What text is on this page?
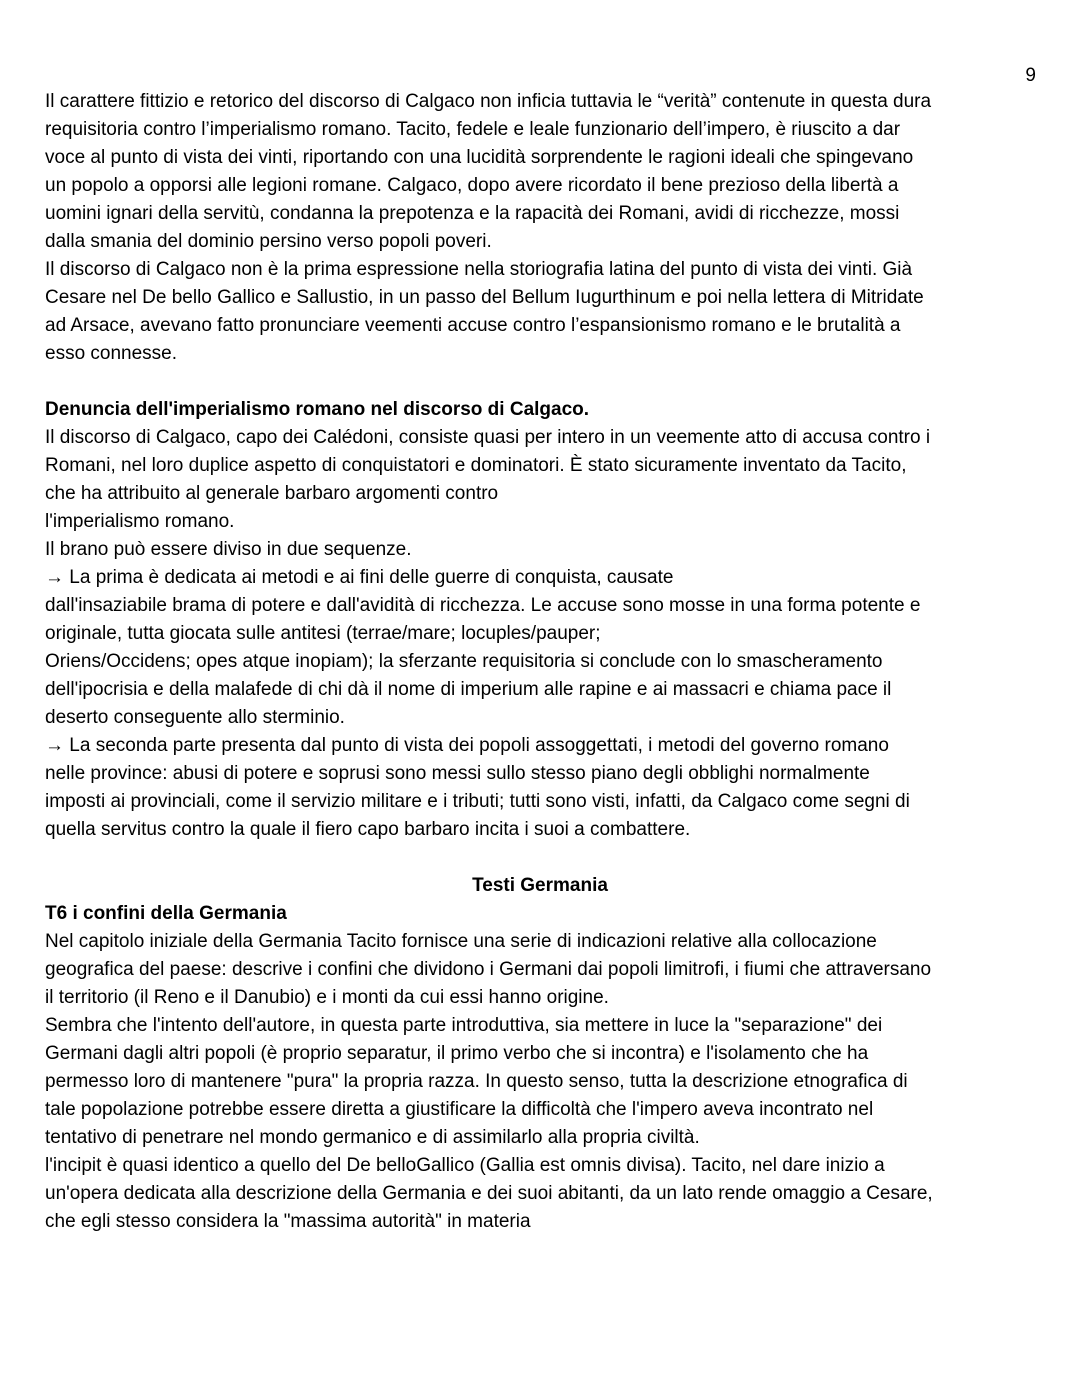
9
Il carattere fittizio e retorico del discorso di Calgaco non inficia tuttavia le “verità” contenute in questa dura
requisitoria contro l’imperialismo romano. Tacito, fedele e leale funzionario dell’impero, è riuscito a dar
voce al punto di vista dei vinti, riportando con una lucidità sorprendente le ragioni ideali che spingevano
un popolo a opporsi alle legioni romane. Calgaco, dopo avere ricordato il bene prezioso della libertà a
uomini ignari della servitù, condanna la prepotenza e la rapacità dei Romani, avidi di ricchezze, mossi
dalla smania del dominio persino verso popoli poveri.
Il discorso di Calgaco non è la prima espressione nella storiografia latina del punto di vista dei vinti. Già
Cesare nel De bello Gallico e Sallustio, in un passo del Bellum Iugurthinum e poi nella lettera di Mitridate
ad Arsace, avevano fatto pronunciare veementi accuse contro l’espansionismo romano e le brutalità a
esso connesse.
Denuncia dell'imperialismo romano nel discorso di Calgaco.
Il discorso di Calgaco, capo dei Calédoni, consiste quasi per intero in un veemente atto di accusa contro i
Romani, nel loro duplice aspetto di conquistatori e dominatori. È stato sicuramente inventato da Tacito,
che ha attribuito al generale barbaro argomenti contro
l'imperialismo romano.
Il brano può essere diviso in due sequenze.
→ La prima è dedicata ai metodi e ai fini delle guerre di conquista, causate
dall'insaziabile brama di potere e dall'avidità di ricchezza. Le accuse sono mosse in una forma potente e
originale, tutta giocata sulle antitesi (terrae/mare; locuples/pauper;
Oriens/Occidens; opes atque inopiam); la sferzante requisitoria si conclude con lo smascheramento
dell'ipocrisia e della malafede di chi dà il nome di imperium alle rapine e ai massacri e chiama pace il
deserto conseguente allo sterminio.
→ La seconda parte presenta dal punto di vista dei popoli assoggettati, i metodi del governo romano
nelle province: abusi di potere e soprusi sono messi sullo stesso piano degli obblighi normalmente
imposti ai provinciali, come il servizio militare e i tributi; tutti sono visti, infatti, da Calgaco come segni di
quella servitus contro la quale il fiero capo barbaro incita i suoi a combattere.
Testi Germania
T6 i confini della Germania
Nel capitolo iniziale della Germania Tacito fornisce una serie di indicazioni relative alla collocazione
geografica del paese: descrive i confini che dividono i Germani dai popoli limitrofi, i fiumi che attraversano
il territorio (il Reno e il Danubio) e i monti da cui essi hanno origine.
Sembra che l'intento dell'autore, in questa parte introduttiva, sia mettere in luce la "separazione" dei
Germani dagli altri popoli (è proprio separatur, il primo verbo che si incontra) e l'isolamento che ha
permesso loro di mantenere "pura" la propria razza. In questo senso, tutta la descrizione etnografica di
tale popolazione potrebbe essere diretta a giustificare la difficoltà che l'impero aveva incontrato nel
tentativo di penetrare nel mondo germanico e di assimilarlo alla propria civiltà.
l'incipit è quasi identico a quello del De belloGallico (Gallia est omnis divisa). Tacito, nel dare inizio a
un'opera dedicata alla descrizione della Germania e dei suoi abitanti, da un lato rende omaggio a Cesare,
che egli stesso considera la "massima autorità" in materia
